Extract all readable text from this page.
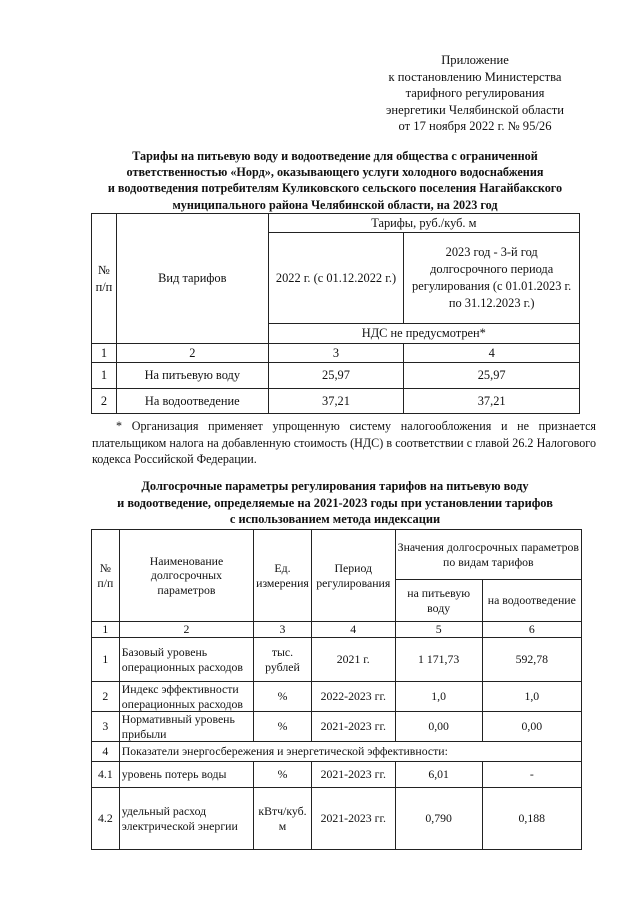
Приложение
к постановлению Министерства
тарифного регулирования
энергетики Челябинской области
от 17 ноября 2022 г. № 95/26
Тарифы на питьевую воду и водоотведение для общества с ограниченной
ответственностью «Норд», оказывающего услуги холодного водоснабжения
и водоотведения потребителям Куликовского сельского поселения Нагайбакского
муниципального района Челябинской области, на 2023 год
№ п/п	Вид тарифов	Тарифы, руб./куб. м	
		2022 г. (с 01.12.2022 г.)	2023 год - 3-й год долгосрочного периода регулирования (с 01.01.2023 г. по 31.12.2023 г.)
		НДС не предусмотрен*	
1	2	3	4
1	На питьевую воду	25,97	25,97
2	На водоотведение	37,21	37,21
* Организация применяет упрощенную систему налогообложения и не признается плательщиком налога на добавленную стоимость (НДС) в соответствии с главой 26.2 Налогового кодекса Российской Федерации.
Долгосрочные параметры регулирования тарифов на питьевую воду
и водоотведение, определяемые на 2021-2023 годы при установлении тарифов
с использованием метода индексации
№ п/п	Наименование долгосрочных параметров	Ед. измерения	Период регулирования	Значения долгосрочных параметров по видам тарифов	
				на питьевую воду	на водоотведение
1	2	3	4	5	6
1	Базовый уровень операционных расходов	тыс. рублей	2021 г.	1 171,73	592,78
2	Индекс эффективности операционных расходов	%	2022-2023 гг.	1,0	1,0
3	Нормативный уровень прибыли	%	2021-2023 гг.	0,00	0,00
4	Показатели энергосбережения и энергетической эффективности:				
4.1	уровень потерь воды	%	2021-2023 гг.	6,01	-
4.2	удельный расход электрической энергии	кВтч/куб. м	2021-2023 гг.	0,790	0,188
